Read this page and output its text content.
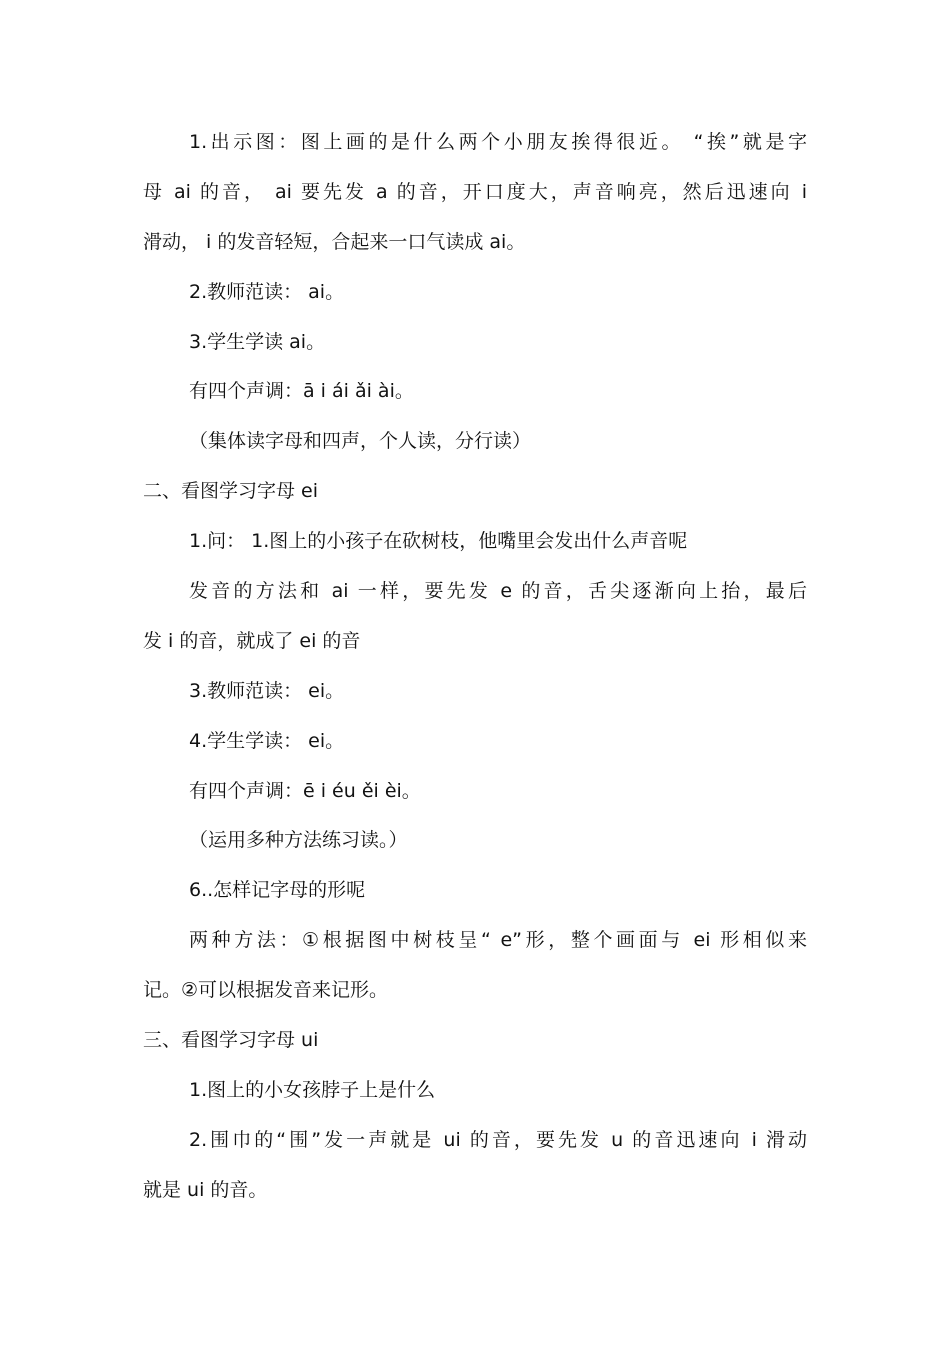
1.出示图：图上画的是什么两个小朋友挨得很近。 “挨”就是字
母 ai 的音， ai 要先发 a 的音，开口度大，声音响亮，然后迅速向 i
滑动， i 的发音轻短，合起来一口气读成 ai。
2.教师范读： ai。
3.学生学读 ai。
有四个声调：ā i ái ǎi ài。
（集体读字母和四声，个人读，分行读）
二、看图学习字母 ei
1.问： 1.图上的小孩子在砍树枝，他嘴里会发出什么声音呢
发音的方法和 ai 一样，要先发 e 的音，舌尖逐渐向上抬，最后
发 i 的音，就成了 ei 的音
3.教师范读： ei。
4.学生学读： ei。
有四个声调：ē i éu ěi èi。
（运用多种方法练习读。）
6..怎样记字母的形呢
两种方法：①根据图中树枝呈“ e”形，整个画面与 ei 形相似来
记。②可以根据发音来记形。
三、看图学习字母 ui
1.图上的小女孩脖子上是什么
2.围巾的“围”发一声就是 ui 的音，要先发 u 的音迅速向 i 滑动
就是 ui 的音。
